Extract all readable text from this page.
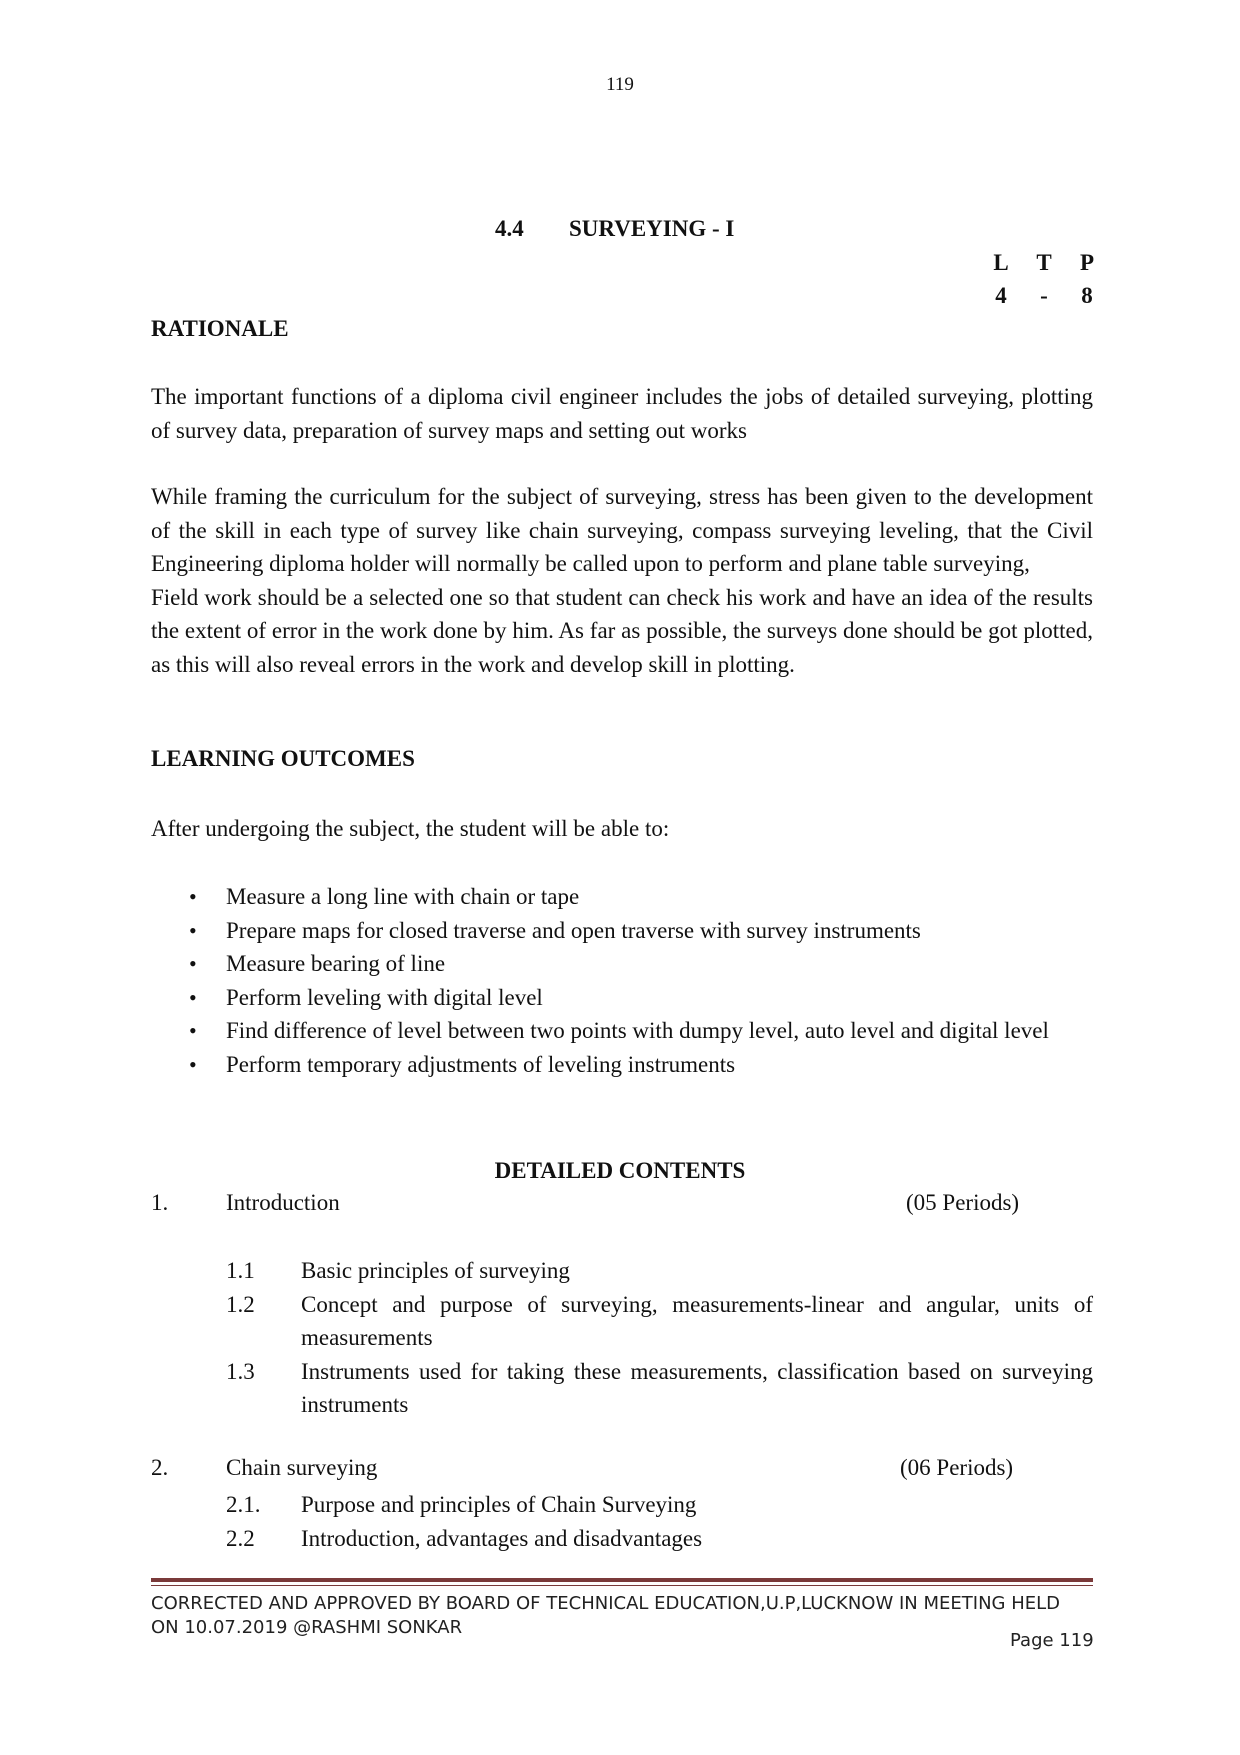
119
4.4 SURVEYING - I
L	T	P
4	-	8
RATIONALE

The important functions of a diploma civil engineer includes the jobs of detailed surveying, plotting of survey data, preparation of survey maps and setting out works

While framing the curriculum for the subject of surveying, stress has been given to the development of the skill in each type of survey like chain surveying, compass surveying leveling, that the Civil Engineering diploma holder will normally be called upon to perform and plane table surveying,

Field work should be a selected one so that student can check his work and have an idea of the results the extent of error in the work done by him. As far as possible, the surveys done should be got plotted, as this will also reveal errors in the work and develop skill in plotting.

LEARNING OUTCOMES
After undergoing the subject, the student will be able to:
• Measure a long line with chain or tape
• Prepare maps for closed traverse and open traverse with survey instruments
• Measure bearing of line
• Perform leveling with digital level
• Find difference of level between two points with dumpy level, auto level and digital level
• Perform temporary adjustments of leveling instruments
DETAILED CONTENTS
1.	Introduction	(05 Periods)
1.1 Basic principles of surveying
1.2 Concept and purpose of surveying, measurements-linear and angular, units of measurements
1.3 Instruments used for taking these measurements, classification based on surveying instruments
2.	Chain surveying	(06 Periods)
2.1. Purpose and principles of Chain Surveying
2.2 Introduction, advantages and disadvantages
CORRECTED AND APPROVED BY BOARD OF TECHNICAL EDUCATION,U.P,LUCKNOW IN MEETING HELD
ON 10.07.2019 @RASHMI SONKAR
Page 119
